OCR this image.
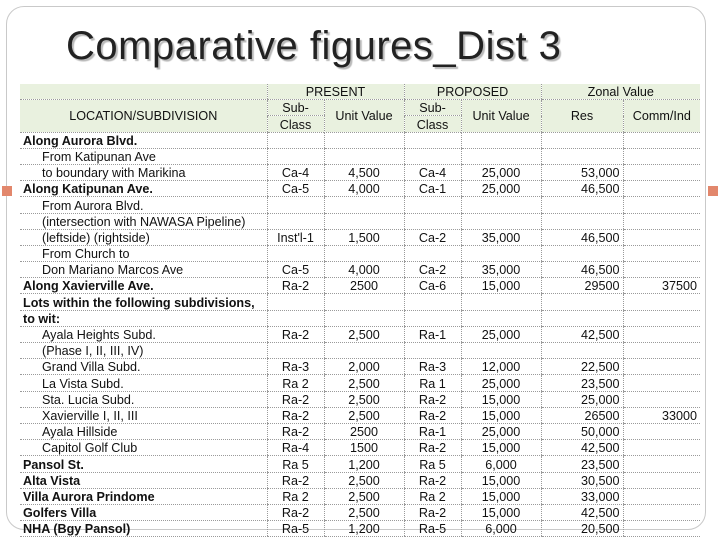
Comparative figures_Dist 3
	PRESENT		PROPOSED		Zonal Value	
LOCATION/SUBDIVISION	Sub-	Unit Value	Sub-	Unit Value	Res	Comm/Ind
	Class		Class			
Along Aurora Blvd.						
From Katipunan Ave						
to boundary with Marikina	Ca-4	4,500	Ca-4	25,000	53,000	
Along Katipunan Ave.	Ca-5	4,000	Ca-1	25,000	46,500	
From Aurora Blvd.						
(intersection with NAWASA Pipeline)						
(leftside) (rightside)	Inst'l-1	1,500	Ca-2	35,000	46,500	
From Church to						
Don Mariano Marcos Ave	Ca-5	4,000	Ca-2	35,000	46,500	
Along Xavierville Ave.	Ra-2	2500	Ca-6	15,000	29500	37500
Lots within the following subdivisions,						
to wit:						
Ayala Heights Subd.	Ra-2	2,500	Ra-1	25,000	42,500	
(Phase I, II, III, IV)						
Grand Villa Subd.	Ra-3	2,000	Ra-3	12,000	22,500	
La Vista Subd.	Ra 2	2,500	Ra 1	25,000	23,500	
Sta. Lucia Subd.	Ra-2	2,500	Ra-2	15,000	25,000	
Xavierville I, II, III	Ra-2	2,500	Ra-2	15,000	26500	33000
Ayala Hillside	Ra-2	2500	Ra-1	25,000	50,000	
Capitol Golf Club	Ra-4	1500	Ra-2	15,000	42,500	
Pansol St.	Ra 5	1,200	Ra 5	6,000	23,500	
Alta Vista	Ra-2	2,500	Ra-2	15,000	30,500	
Villa Aurora Prindome	Ra 2	2,500	Ra 2	15,000	33,000	
Golfers Villa	Ra-2	2,500	Ra-2	15,000	42,500	
NHA (Bgy Pansol)	Ra-5	1,200	Ra-5	6,000	20,500	
